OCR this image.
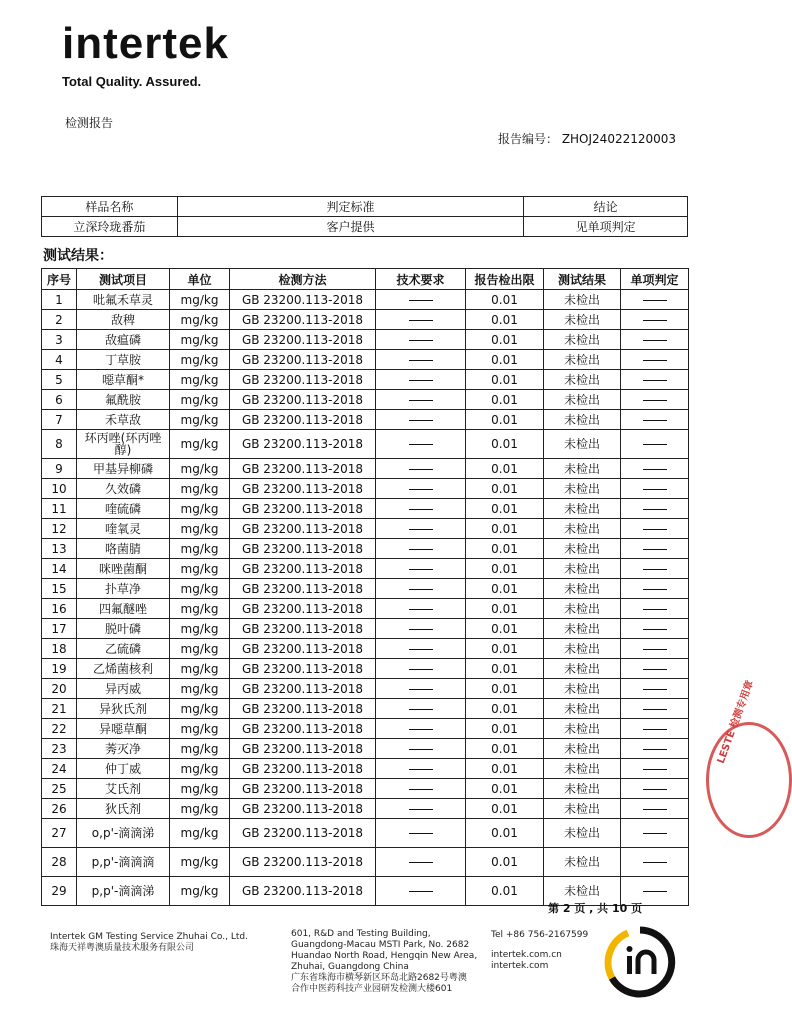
intertek
Total Quality. Assured.
检测报告
报告编号： ZHOJ24022120003
样品名称	判定标准	结论
立深玲珑番茄	客户提供	见单项判定
测试结果：
序号	测试项目	单位	检测方法	技术要求	报告检出限	测试结果	单项判定
1	吡氟禾草灵	mg/kg	GB 23200.113-2018		0.01	未检出	
2	敌稗	mg/kg	GB 23200.113-2018		0.01	未检出	
3	敌瘟磷	mg/kg	GB 23200.113-2018		0.01	未检出	
4	丁草胺	mg/kg	GB 23200.113-2018		0.01	未检出	
5	噁草酮*	mg/kg	GB 23200.113-2018		0.01	未检出	
6	氟酰胺	mg/kg	GB 23200.113-2018		0.01	未检出	
7	禾草敌	mg/kg	GB 23200.113-2018		0.01	未检出	
8	环丙唑(环丙唑醇)	mg/kg	GB 23200.113-2018		0.01	未检出	
9	甲基异柳磷	mg/kg	GB 23200.113-2018		0.01	未检出	
10	久效磷	mg/kg	GB 23200.113-2018		0.01	未检出	
11	喹硫磷	mg/kg	GB 23200.113-2018		0.01	未检出	
12	喹氧灵	mg/kg	GB 23200.113-2018		0.01	未检出	
13	咯菌腈	mg/kg	GB 23200.113-2018		0.01	未检出	
14	咪唑菌酮	mg/kg	GB 23200.113-2018		0.01	未检出	
15	扑草净	mg/kg	GB 23200.113-2018		0.01	未检出	
16	四氟醚唑	mg/kg	GB 23200.113-2018		0.01	未检出	
17	脱叶磷	mg/kg	GB 23200.113-2018		0.01	未检出	
18	乙硫磷	mg/kg	GB 23200.113-2018		0.01	未检出	
19	乙烯菌核利	mg/kg	GB 23200.113-2018		0.01	未检出	
20	异丙威	mg/kg	GB 23200.113-2018		0.01	未检出	
21	异狄氏剂	mg/kg	GB 23200.113-2018		0.01	未检出	
22	异噁草酮	mg/kg	GB 23200.113-2018		0.01	未检出	
23	莠灭净	mg/kg	GB 23200.113-2018		0.01	未检出	
24	仲丁威	mg/kg	GB 23200.113-2018		0.01	未检出	
25	艾氏剂	mg/kg	GB 23200.113-2018		0.01	未检出	
26	狄氏剂	mg/kg	GB 23200.113-2018		0.01	未检出	
27	o,p'-滴滴涕	mg/kg	GB 23200.113-2018		0.01	未检出	
28	p,p'-滴滴滴	mg/kg	GB 23200.113-2018		0.01	未检出	
29	p,p'-滴滴涕	mg/kg	GB 23200.113-2018		0.01	未检出	
第 2 页 , 共 10 页
Intertek GM Testing Service Zhuhai Co., Ltd.
珠海天祥粤澳质量技术服务有限公司
601, R&D and Testing Building,
Guangdong-Macau MSTI Park, No. 2682
Huandao North Road, Hengqin New Area,
Zhuhai, Guangdong China
广东省珠海市横琴新区环岛北路2682号粤澳
合作中医药科技产业园研发检测大楼601
Tel +86 756-2167599
intertek.com.cn
intertek.com
LESTE 检测专用章
